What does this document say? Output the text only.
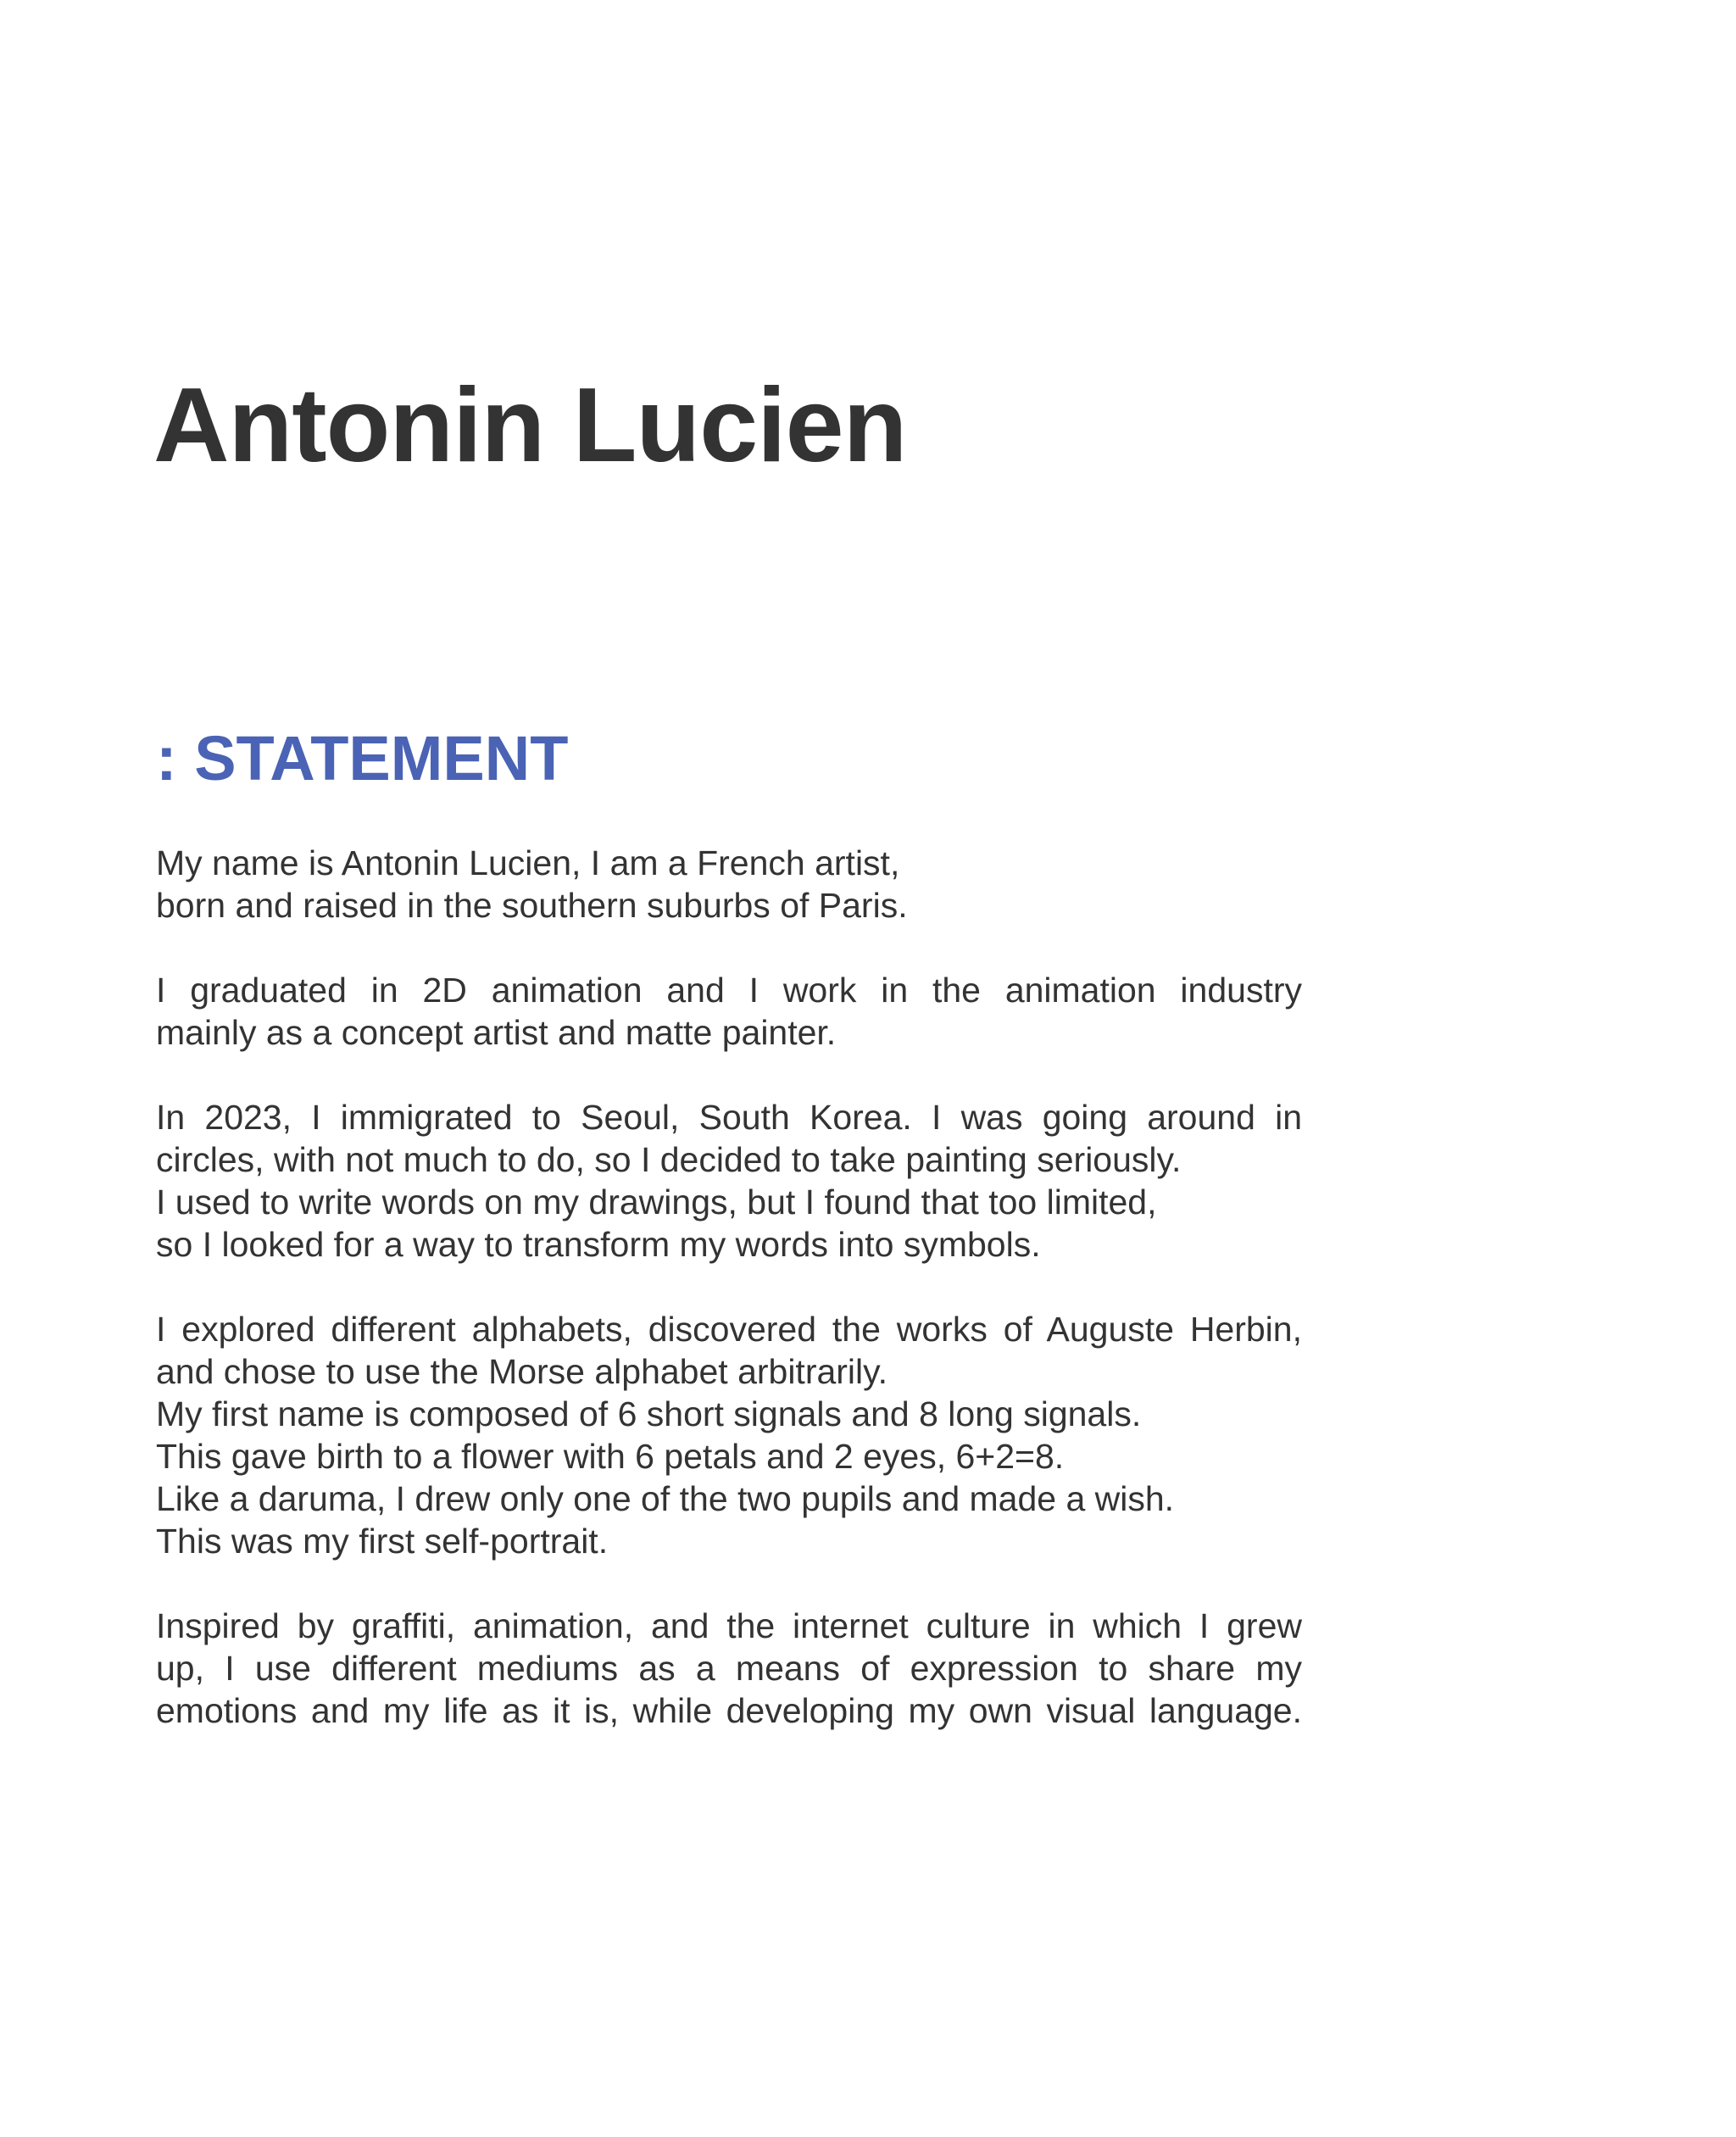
Antonin Lucien
: STATEMENT
My name is Antonin Lucien, I am a French artist,
born and raised in the southern suburbs of Paris.
I graduated in 2D animation and I work in the animation industry
mainly as a concept artist and matte painter.
In 2023, I immigrated to Seoul, South Korea. I was going around in
circles, with not much to do, so I decided to take painting seriously.
I used to write words on my drawings, but I found that too limited,
so I looked for a way to transform my words into symbols.
I explored different alphabets, discovered the works of Auguste Herbin,
and chose to use the Morse alphabet arbitrarily.
My first name is composed of 6 short signals and 8 long signals.
This gave birth to a flower with 6 petals and 2 eyes, 6+2=8.
Like a daruma, I drew only one of the two pupils and made a wish.
This was my first self-portrait.
Inspired by graffiti, animation, and the internet culture in which I grew
up, I use different mediums as a means of expression to share my
emotions and my life as it is, while developing my own visual language.
